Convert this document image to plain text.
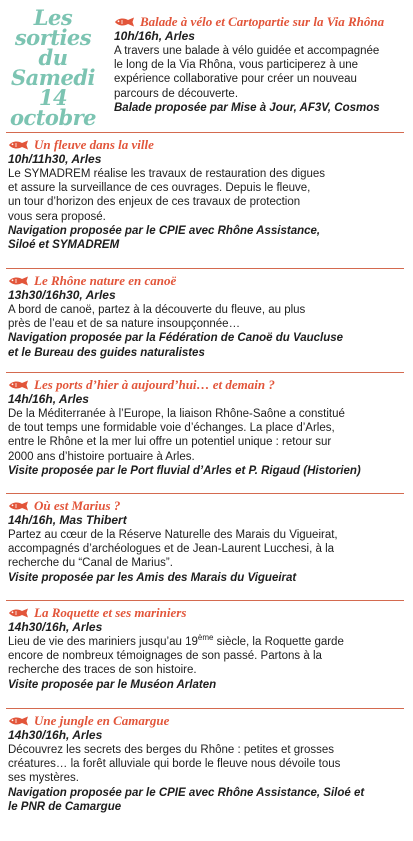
Les sorties
du
Samedi
14 octobre
Balade à vélo et Cartopartie sur la Via Rhôna
10h/16h, Arles
A travers une balade à vélo guidée et accompagnée
le long de la Via Rhôna, vous participerez à une
expérience collaborative pour créer un nouveau
parcours de découverte.
Balade proposée par Mise à Jour, AF3V, Cosmos
Un fleuve dans la ville
10h/11h30, Arles
Le SYMADREM réalise les travaux de restauration des digues
et assure la surveillance de ces ouvrages. Depuis le fleuve,
un tour d’horizon des enjeux de ces travaux de protection
vous sera proposé.
Navigation proposée par le CPIE avec Rhône Assistance,
Siloé et SYMADREM
Le Rhône nature en canoë
13h30/16h30, Arles
A bord de canoë, partez à la découverte du fleuve, au plus
près de l’eau et de sa nature insoupçonnée…
Navigation proposée par la Fédération de Canoë du Vaucluse
et le Bureau des guides naturalistes
Les ports d’hier à aujourd’hui… et demain ?
14h/16h, Arles
De la Méditerranée à l’Europe, la liaison Rhône-Saône a constitué
de tout temps une formidable voie d’échanges. La place d’Arles,
entre le Rhône et la mer lui offre un potentiel unique : retour sur
2000 ans d’histoire portuaire à Arles.
Visite proposée par le Port fluvial d’Arles et P. Rigaud (Historien)
Où est Marius ?
14h/16h, Mas Thibert
Partez au cœur de la Réserve Naturelle des Marais du Vigueirat,
accompagnés d’archéologues et de Jean-Laurent Lucchesi, à la
recherche du “Canal de Marius”.
Visite proposée par les Amis des Marais du Vigueirat
La Roquette et ses mariniers
14h30/16h, Arles
Lieu de vie des mariniers jusqu’au 19ème siècle, la Roquette garde
encore de nombreux témoignages de son passé. Partons à la
recherche des traces de son histoire.
Visite proposée par le Muséon Arlaten
Une jungle en Camargue
14h30/16h, Arles
Découvrez les secrets des berges du Rhône : petites et grosses
créatures… la forêt alluviale qui borde le fleuve nous dévoile tous
ses mystères.
Navigation proposée par le CPIE avec Rhône Assistance, Siloé et
le PNR de Camargue
